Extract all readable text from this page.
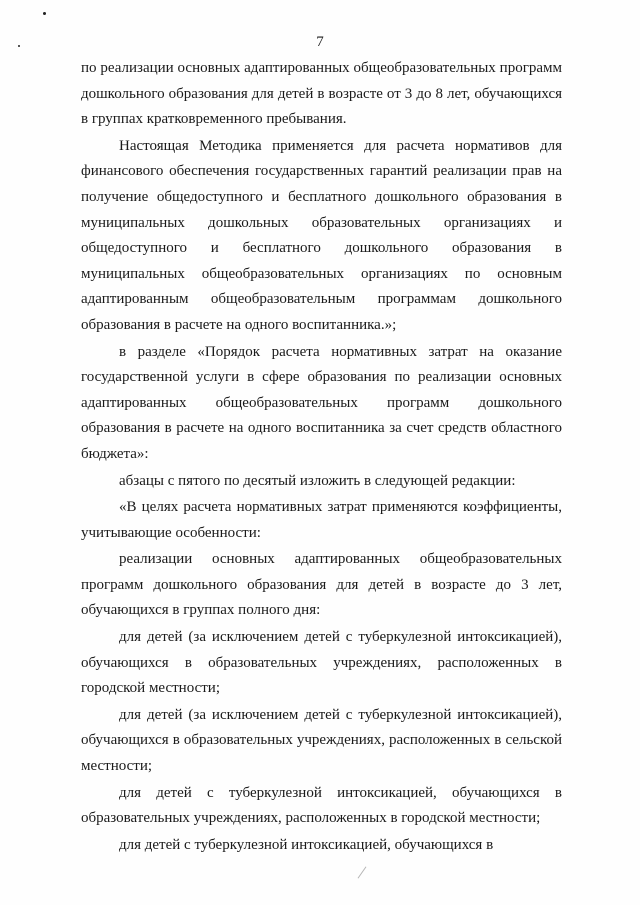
7

по реализации основных адаптированных общеобразовательных программ дошкольного образования для детей в возрасте от 3 до 8 лет, обучающихся в группах кратковременного пребывания.

Настоящая Методика применяется для расчета нормативов для финансового обеспечения государственных гарантий реализации прав на получение общедоступного и бесплатного дошкольного образования в муниципальных дошкольных образовательных организациях и общедоступного и бесплатного дошкольного образования в муниципальных общеобразовательных организациях по основным адаптированным общеобразовательным программам дошкольного образования в расчете на одного воспитанника.»;

в разделе «Порядок расчета нормативных затрат на оказание государственной услуги в сфере образования по реализации основных адаптированных общеобразовательных программ дошкольного образования в расчете на одного воспитанника за счет средств областного бюджета»:

абзацы с пятого по десятый изложить в следующей редакции:

«В целях расчета нормативных затрат применяются коэффициенты, учитывающие особенности:

реализации основных адаптированных общеобразовательных программ дошкольного образования для детей в возрасте до 3 лет, обучающихся в группах полного дня:

для детей (за исключением детей с туберкулезной интоксикацией), обучающихся в образовательных учреждениях, расположенных в городской местности;

для детей (за исключением детей с туберкулезной интоксикацией), обучающихся в образовательных учреждениях, расположенных в сельской местности;

для детей с туберкулезной интоксикацией, обучающихся в образовательных учреждениях, расположенных в городской местности;

для детей с туберкулезной интоксикацией, обучающихся в
